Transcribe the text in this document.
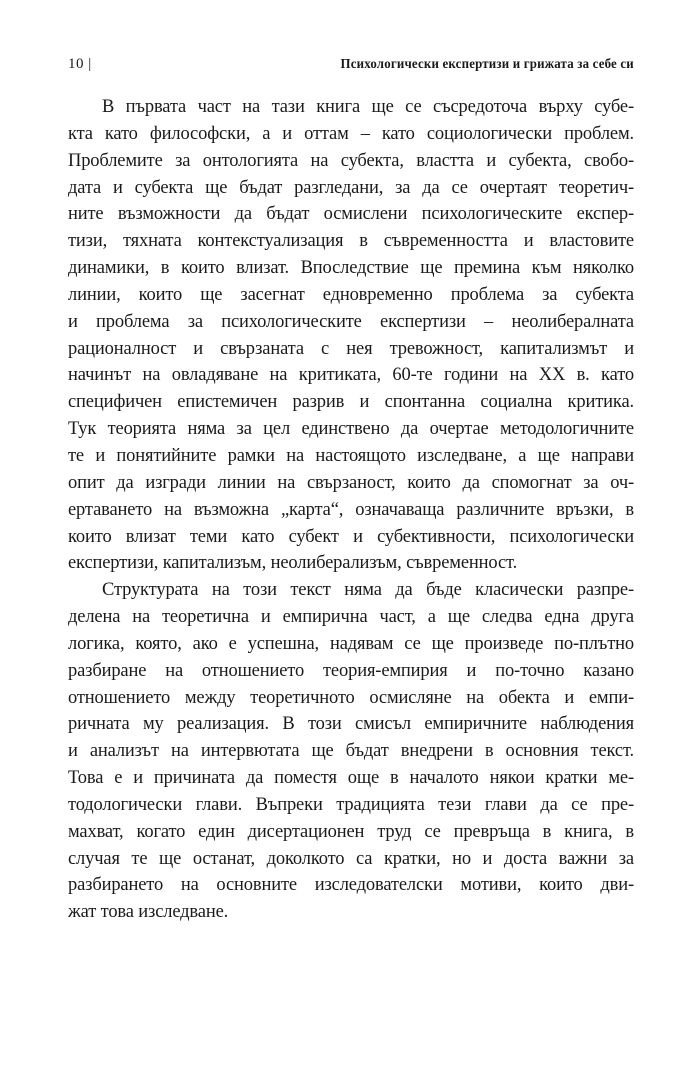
10 |	Психологически експертизи и грижата за себе си
В първата част на тази книга ще се съсредоточа върху субе-
кта като философски, а и оттам – като социологически проблем.
Проблемите за онтологията на субекта, властта и субекта, свобо-
дата и субекта ще бъдат разгледани, за да се очертаят теоретич-
ните възможности да бъдат осмислени психологическите експер-
тизи, тяхната контекстуализация в съвременността и властовите
динамики, в които влизат. Впоследствие ще премина към няколко
линии, които ще засегнат едновременно проблема за субекта
и проблема за психологическите експертизи – неолибералната
рационалност и свързаната с нея тревожност, капитализмът и
начинът на овладяване на критиката, 60-те години на XX в. като
специфичен епистемичен разрив и спонтанна социална критика.
Тук теорията няма за цел единствено да очертае методологичните
те и понятийните рамки на настоящото изследване, а ще направи
опит да изгради линии на свързаност, които да спомогнат за оч-
ертаването на възможна „карта“, означаваща различните връзки, в
които влизат теми като субект и субективности, психологически
експертизи, капитализъм, неолиберализъм, съвременност.
Структурата на този текст няма да бъде класически разпре-
делена на теоретична и емпирична част, а ще следва една друга
логика, която, ако е успешна, надявам се ще произведе по-плътно
разбиране на отношението теория-емпирия и по-точно казано
отношението между теоретичното осмисляне на обекта и емпи-
ричната му реализация. В този смисъл емпиричните наблюдения
и анализът на интервютата ще бъдат внедрени в основния текст.
Това е и причината да поместя още в началото някои кратки ме-
тодологически глави. Въпреки традицията тези глави да се пре-
махват, когато един дисертационен труд се превръща в книга, в
случая те ще останат, доколкото са кратки, но и доста важни за
разбирането на основните изследователски мотиви, които дви-
жат това изследване.
